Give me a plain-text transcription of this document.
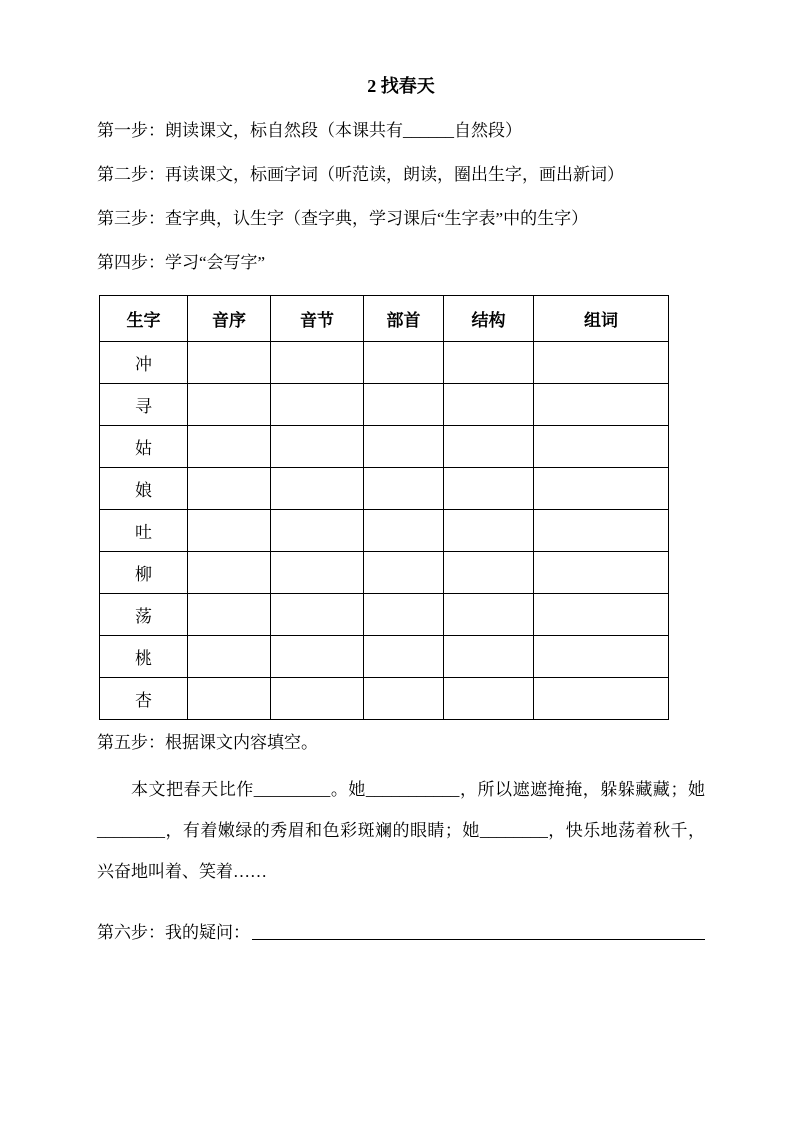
2 找春天

第一步：朗读课文，标自然段（本课共有______自然段）

第二步：再读课文，标画字词（听范读，朗读，圈出生字，画出新词）

第三步：查字典，认生字（查字典，学习课后“生字表”中的生字）

第四步：学习“会写字”

生字	音序	音节	部首	结构	组词
冲					
寻					
姑					
娘					
吐					
柳					
荡					
桃					
杏					

第五步：根据课文内容填空。

本文把春天比作_________。她___________，所以遮遮掩掩，躲躲藏藏；她________，有着嫩绿的秀眉和色彩斑斓的眼睛；她________，快乐地荡着秋千，兴奋地叫着、笑着……

第六步：我的疑问：
